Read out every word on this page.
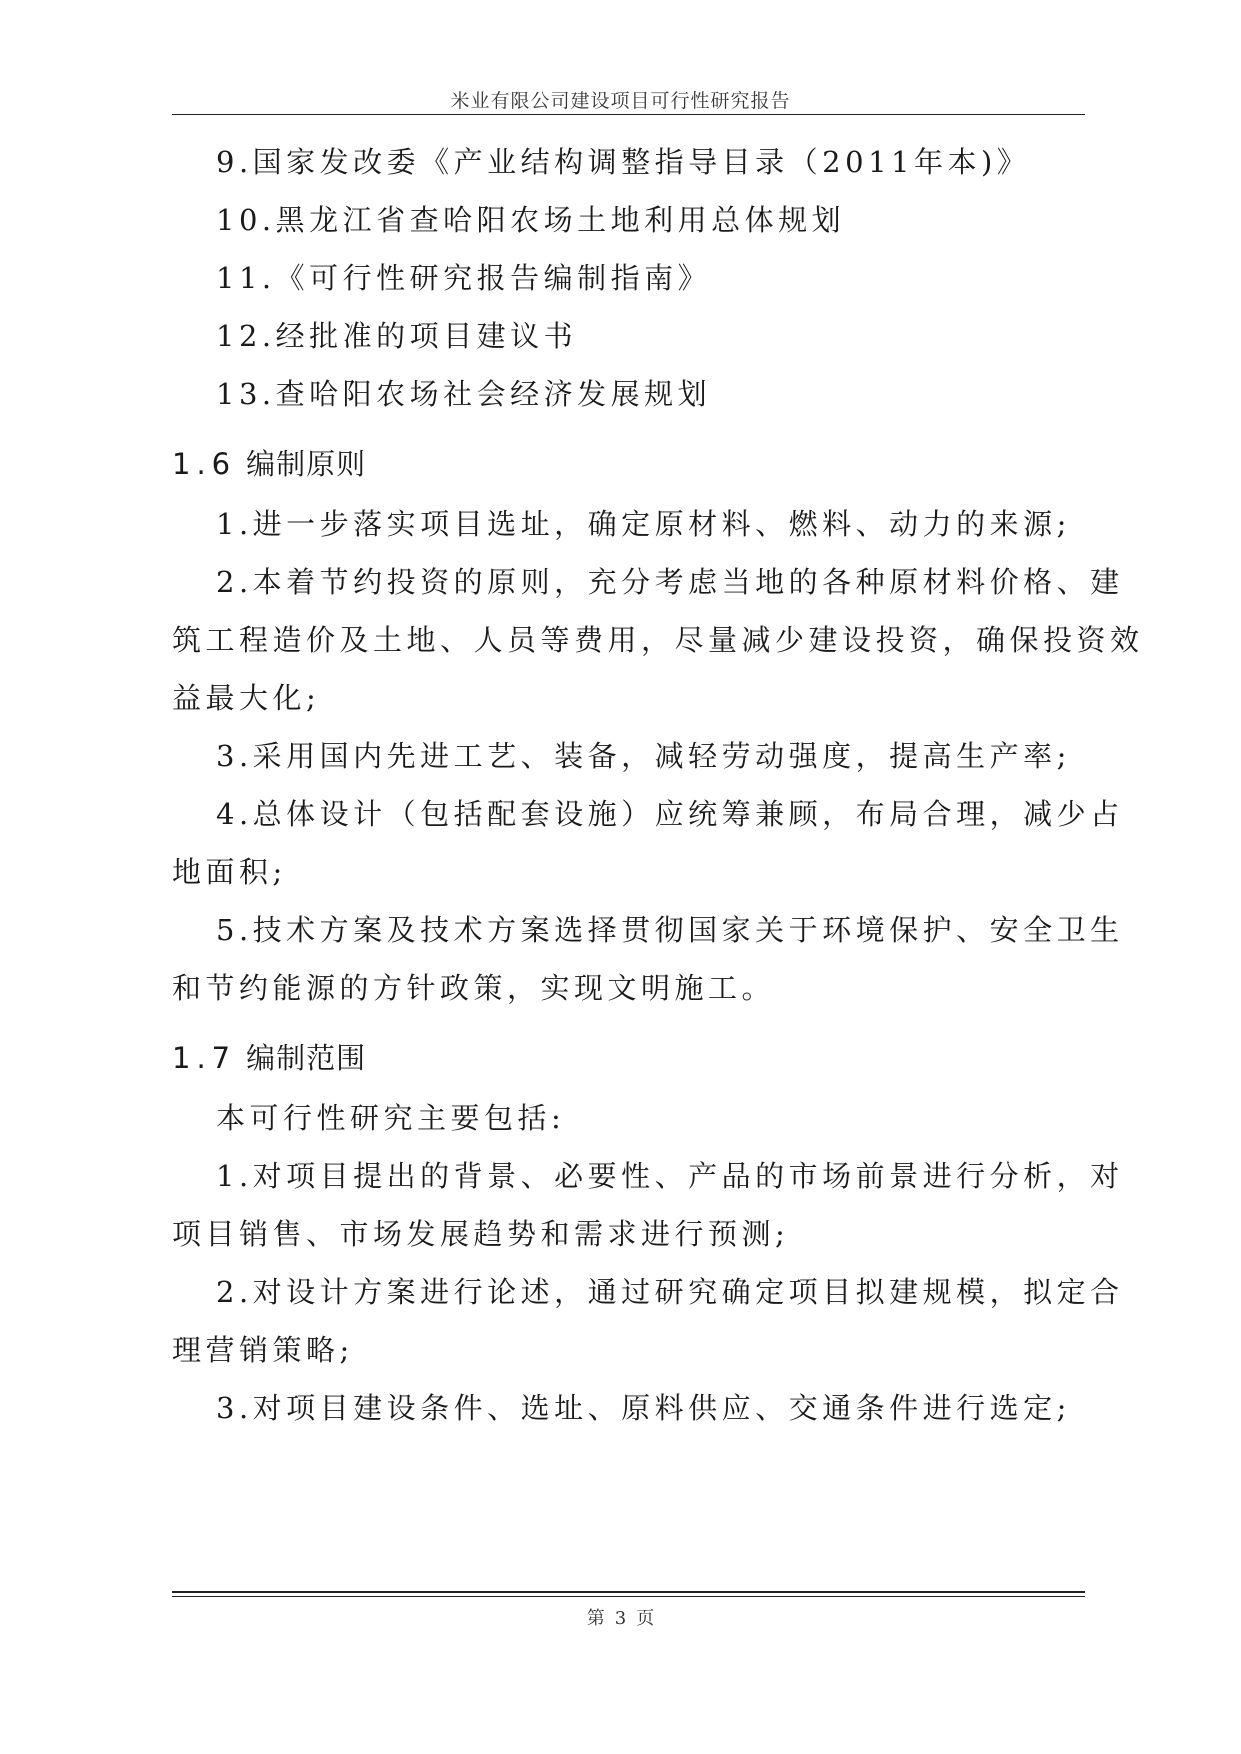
米业有限公司建设项目可行性研究报告
9.国家发改委《产业结构调整指导目录（2011年本)》
10.黑龙江省查哈阳农场土地利用总体规划
11.《可行性研究报告编制指南》
12.经批准的项目建议书
13.查哈阳农场社会经济发展规划
1.6 编制原则
1.进一步落实项目选址，确定原材料、燃料、动力的来源;
2.本着节约投资的原则，充分考虑当地的各种原材料价格、建
筑工程造价及土地、人员等费用，尽量减少建设投资，确保投资效
益最大化;
3.采用国内先进工艺、装备，减轻劳动强度，提高生产率;
4.总体设计（包括配套设施）应统筹兼顾，布局合理，减少占
地面积;
5.技术方案及技术方案选择贯彻国家关于环境保护、安全卫生
和节约能源的方针政策，实现文明施工。
1.7 编制范围
本可行性研究主要包括:
1.对项目提出的背景、必要性、产品的市场前景进行分析，对
项目销售、市场发展趋势和需求进行预测;
2.对设计方案进行论述，通过研究确定项目拟建规模，拟定合
理营销策略;
3.对项目建设条件、选址、原料供应、交通条件进行选定;
第 3 页
